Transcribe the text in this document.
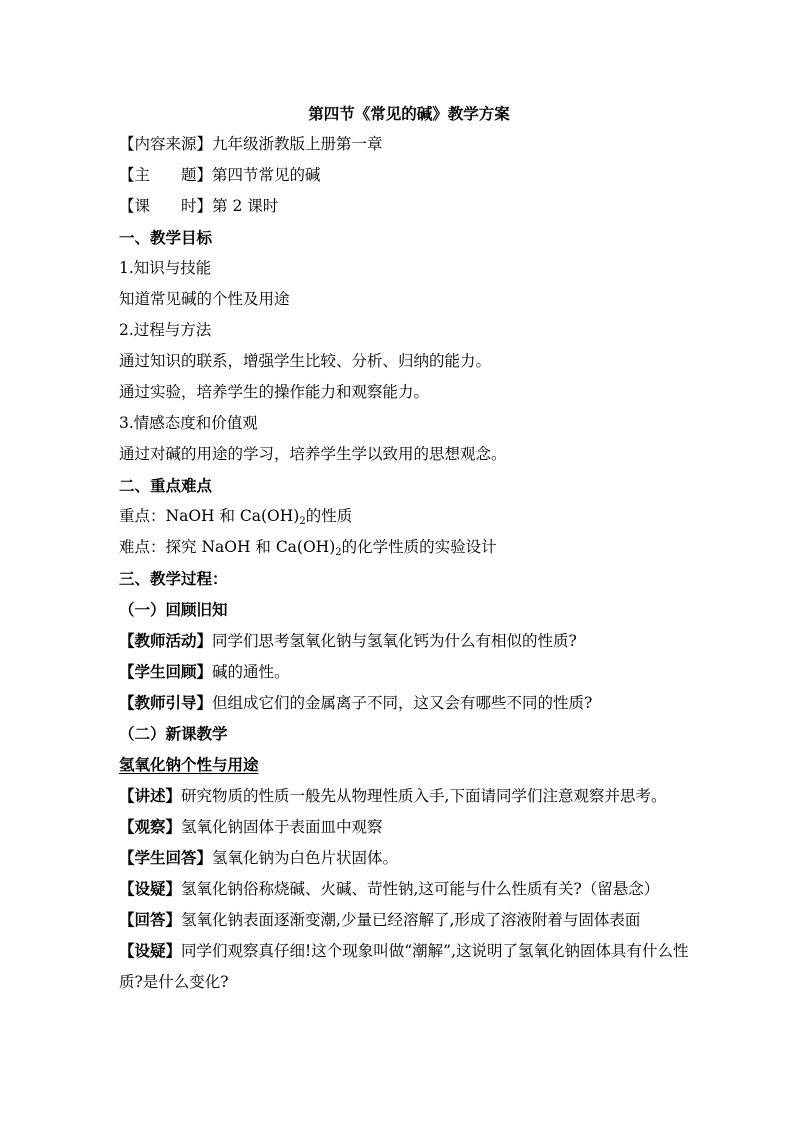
第四节《常见的碱》教学方案
【内容来源】九年级浙教版上册第一章
【主　　题】第四节常见的碱
【课　　时】第 2 课时
一、教学目标
1.知识与技能
知道常见碱的个性及用途
2.过程与方法
通过知识的联系，增强学生比较、分析、归纳的能力。
通过实验，培养学生的操作能力和观察能力。
3.情感态度和价值观
通过对碱的用途的学习，培养学生学以致用的思想观念。
二、重点难点
重点：NaOH 和 $Ca(OH)_2$的性质
难点：探究 NaOH 和 $Ca(OH)_2$的化学性质的实验设计
三、教学过程：
（一）回顾旧知
【教师活动】同学们思考氢氧化钠与氢氧化钙为什么有相似的性质?
【学生回顾】碱的通性。
【教师引导】但组成它们的金属离子不同，这又会有哪些不同的性质?
（二）新课教学
氢氧化钠个性与用途
【讲述】研究物质的性质一般先从物理性质入手,下面请同学们注意观察并思考。
【观察】氢氧化钠固体于表面皿中观察
【学生回答】氢氧化钠为白色片状固体。
【设疑】氢氧化钠俗称烧碱、火碱、苛性钠,这可能与什么性质有关?（留悬念）
【回答】氢氧化钠表面逐渐变潮,少量已经溶解了,形成了溶液附着与固体表面
【设疑】同学们观察真仔细!这个现象叫做“潮解”,这说明了氢氧化钠固体具有什么性质?是什么变化?
